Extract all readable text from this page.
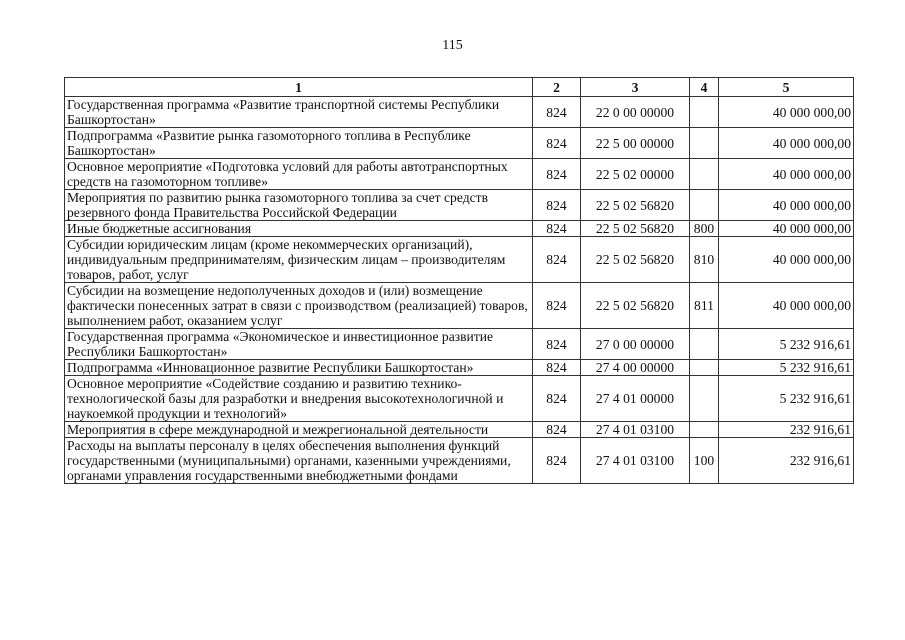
115
1	2	3	4	5
Государственная программа «Развитие транспортной системы Республики Башкортостан»	824	22 0 00 00000		40 000 000,00
Подпрограмма «Развитие рынка газомоторного топлива в Республике Башкортостан»	824	22 5 00 00000		40 000 000,00
Основное мероприятие «Подготовка условий для работы автотранспортных средств на газомоторном топливе»	824	22 5 02 00000		40 000 000,00
Мероприятия по развитию рынка газомоторного топлива за счет средств резервного фонда Правительства Российской Федерации	824	22 5 02 56820		40 000 000,00
Иные бюджетные ассигнования	824	22 5 02 56820	800	40 000 000,00
Субсидии юридическим лицам (кроме некоммерческих организаций), индивидуальным предпринимателям, физическим лицам – производителям товаров, работ, услуг	824	22 5 02 56820	810	40 000 000,00
Субсидии на возмещение недополученных доходов и (или) возмещение фактически понесенных затрат в связи с производством (реализацией) товаров, выполнением работ, оказанием услуг	824	22 5 02 56820	811	40 000 000,00
Государственная программа «Экономическое и инвестиционное развитие Республики Башкортостан»	824	27 0 00 00000		5 232 916,61
Подпрограмма «Инновационное развитие Республики Башкортостан»	824	27 4 00 00000		5 232 916,61
Основное мероприятие «Содействие созданию и развитию технико-технологической базы для разработки и внедрения высокотехнологичной и наукоемкой продукции и технологий»	824	27 4 01 00000		5 232 916,61
Мероприятия в сфере международной и межрегиональной деятельности	824	27 4 01 03100		232 916,61
Расходы на выплаты персоналу в целях обеспечения выполнения функций государственными (муниципальными) органами, казенными учреждениями, органами управления государственными внебюджетными фондами	824	27 4 01 03100	100	232 916,61
